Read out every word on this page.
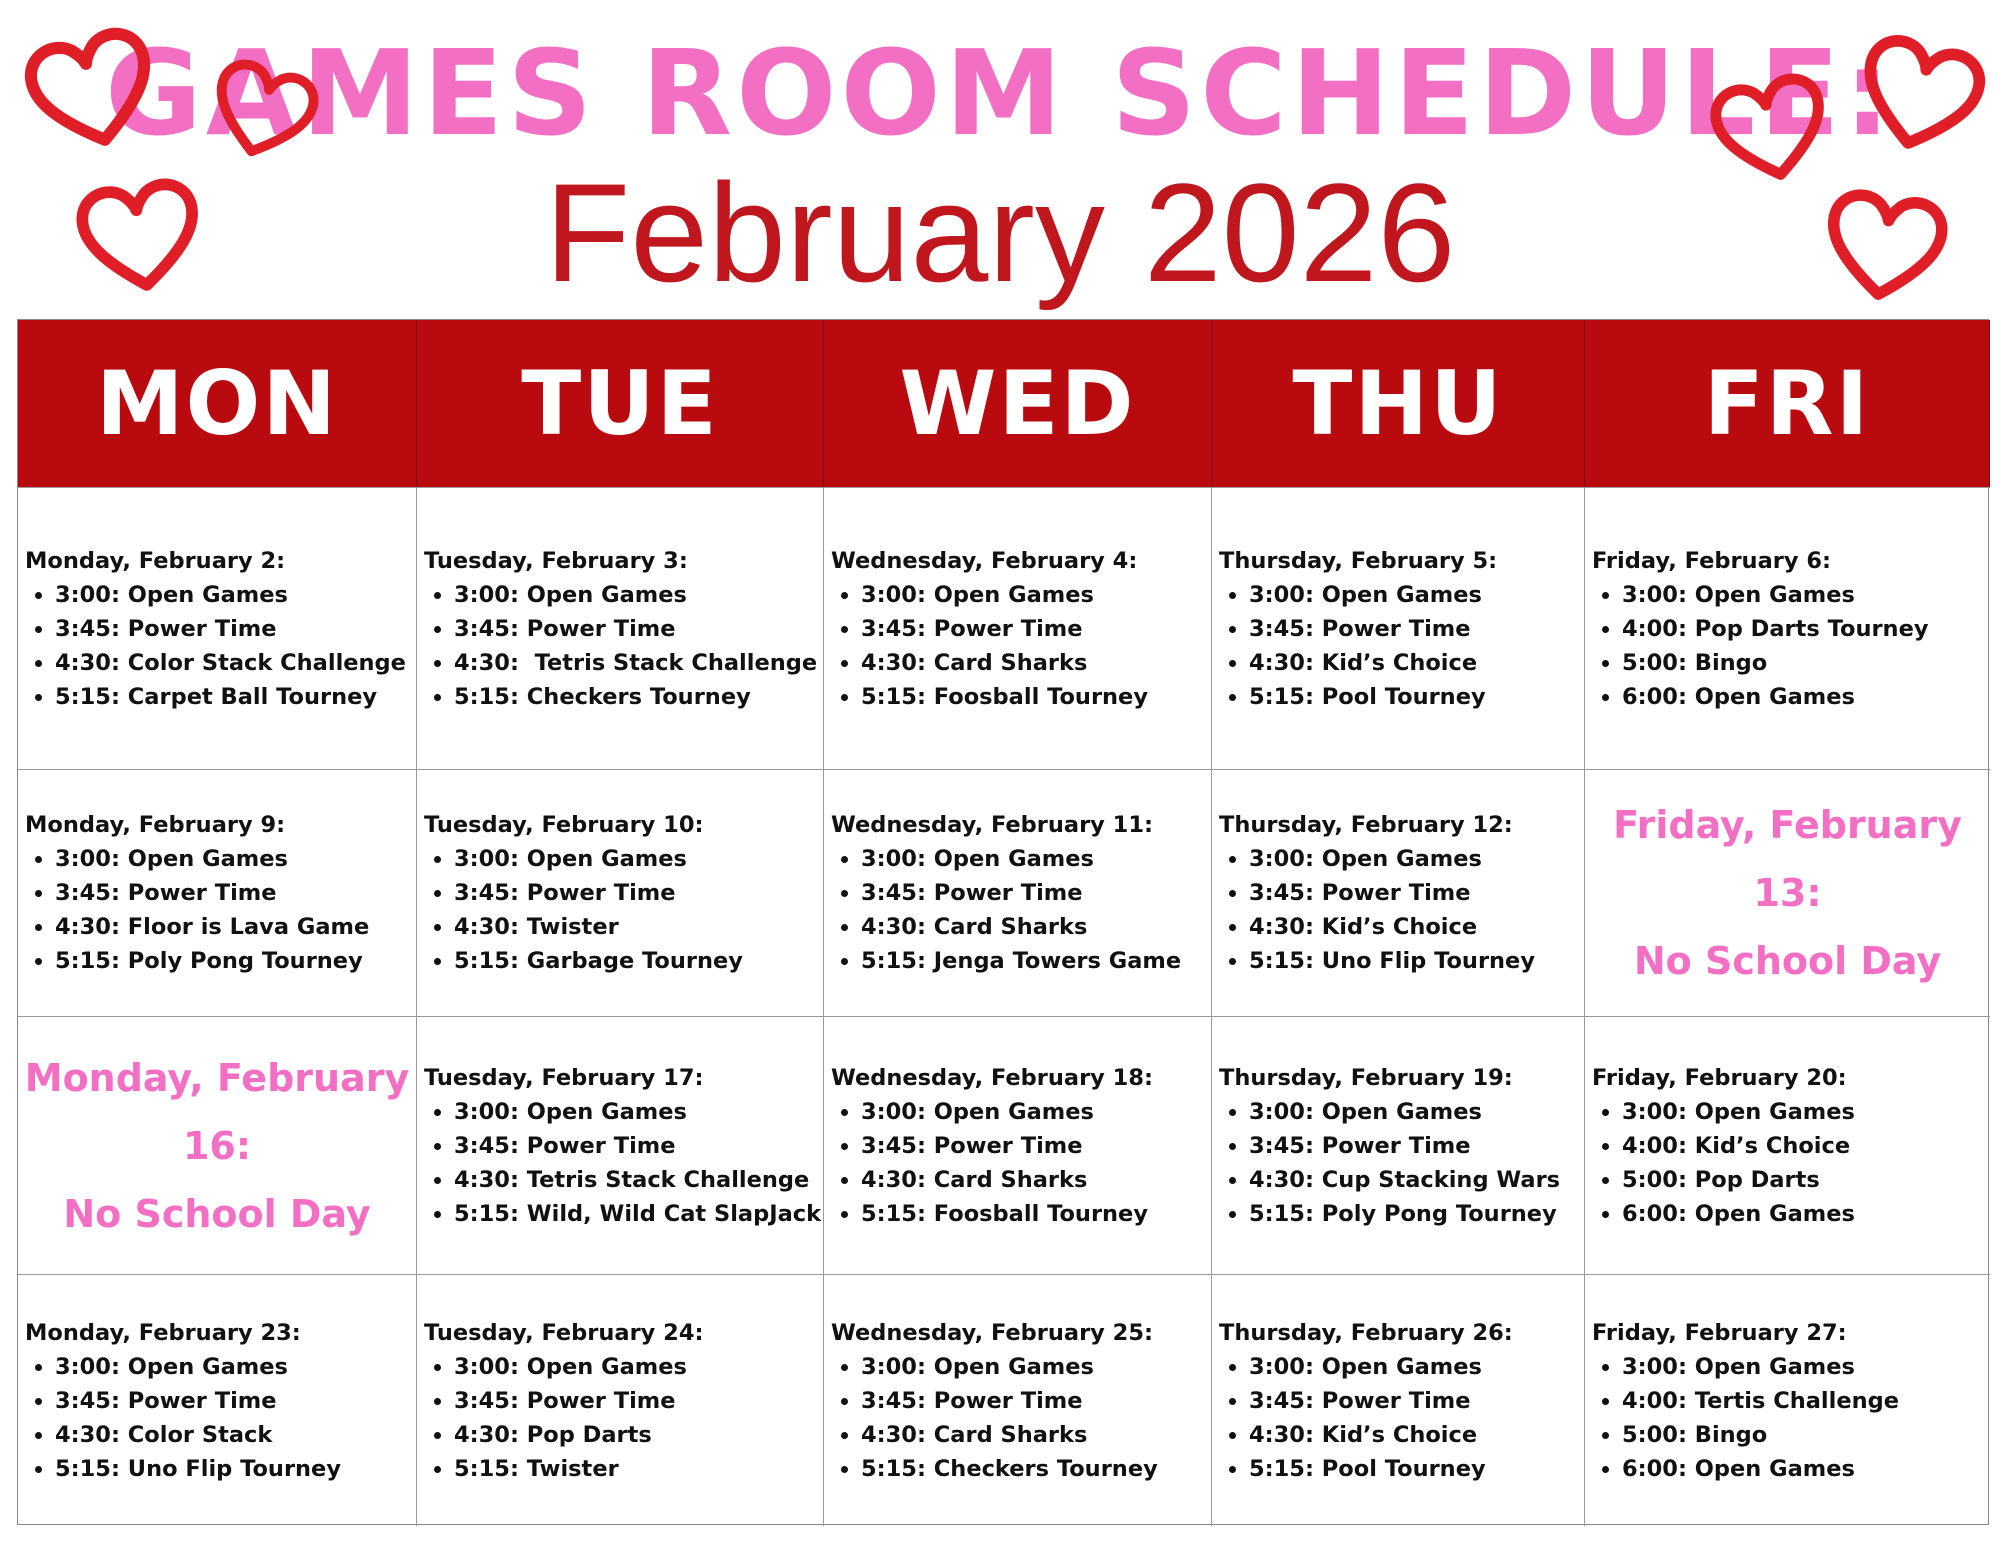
GAMES ROOM SCHEDULE:
February 2026
MON	TUE	WED	THU	FRI
Monday, February 2:
• 3:00: Open Games
• 3:45: Power Time
• 4:30: Color Stack Challenge
• 5:15: Carpet Ball Tourney
Tuesday, February 3:
• 3:00: Open Games
• 3:45: Power Time
• 4:30:  Tetris Stack Challenge
• 5:15: Checkers Tourney
Wednesday, February 4:
• 3:00: Open Games
• 3:45: Power Time
• 4:30: Card Sharks
• 5:15: Foosball Tourney
Thursday, February 5:
• 3:00: Open Games
• 3:45: Power Time
• 4:30: Kid’s Choice
• 5:15: Pool Tourney
Friday, February 6:
• 3:00: Open Games
• 4:00: Pop Darts Tourney
• 5:00: Bingo
• 6:00: Open Games
Monday, February 9:
• 3:00: Open Games
• 3:45: Power Time
• 4:30: Floor is Lava Game
• 5:15: Poly Pong Tourney
Tuesday, February 10:
• 3:00: Open Games
• 3:45: Power Time
• 4:30: Twister
• 5:15: Garbage Tourney
Wednesday, February 11:
• 3:00: Open Games
• 3:45: Power Time
• 4:30: Card Sharks
• 5:15: Jenga Towers Game
Thursday, February 12:
• 3:00: Open Games
• 3:45: Power Time
• 4:30: Kid’s Choice
• 5:15: Uno Flip Tourney
Friday, February 13:
No School Day
Monday, February 16:
No School Day
Tuesday, February 17:
• 3:00: Open Games
• 3:45: Power Time
• 4:30: Tetris Stack Challenge
• 5:15: Wild, Wild Cat SlapJack
Wednesday, February 18:
• 3:00: Open Games
• 3:45: Power Time
• 4:30: Card Sharks
• 5:15: Foosball Tourney
Thursday, February 19:
• 3:00: Open Games
• 3:45: Power Time
• 4:30: Cup Stacking Wars
• 5:15: Poly Pong Tourney
Friday, February 20:
• 3:00: Open Games
• 4:00: Kid’s Choice
• 5:00: Pop Darts
• 6:00: Open Games
Monday, February 23:
• 3:00: Open Games
• 3:45: Power Time
• 4:30: Color Stack
• 5:15: Uno Flip Tourney
Tuesday, February 24:
• 3:00: Open Games
• 3:45: Power Time
• 4:30: Pop Darts
• 5:15: Twister
Wednesday, February 25:
• 3:00: Open Games
• 3:45: Power Time
• 4:30: Card Sharks
• 5:15: Checkers Tourney
Thursday, February 26:
• 3:00: Open Games
• 3:45: Power Time
• 4:30: Kid’s Choice
• 5:15: Pool Tourney
Friday, February 27:
• 3:00: Open Games
• 4:00: Tertis Challenge
• 5:00: Bingo
• 6:00: Open Games
